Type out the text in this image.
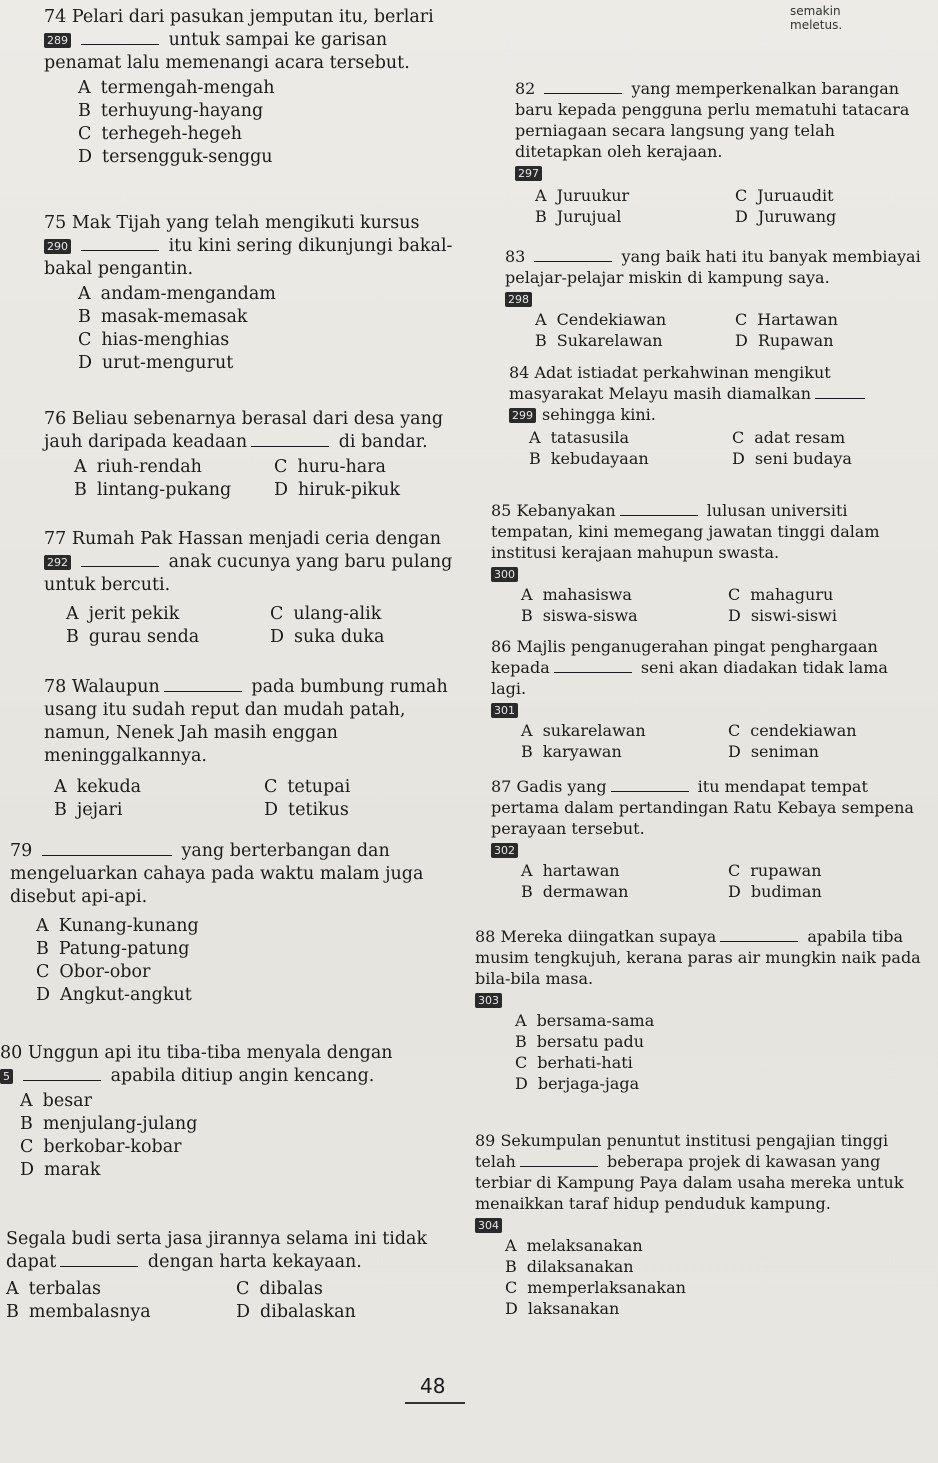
semakin
meletus.
74 Pelari dari pasukan jemputan itu, berlari
289	untuk sampai ke garisan penamat lalu memenangi acara tersebut.
A termengah-mengah
B terhuyung-hayang
C terhegeh-hegeh
D tersengguk-senggu
75 Mak Tijah yang telah mengikuti kursus
290	itu kini sering dikunjungi bakal-bakal pengantin.
A andam-mengandam
B masak-memasak
C hias-menghias
D urut-mengurut
76 Beliau sebenarnya berasal dari desa yang jauh daripada keadaan	di bandar.
A riuh-rendah	C huru-hara
B lintang-pukang	D hiruk-pikuk
77 Rumah Pak Hassan menjadi ceria dengan
292	anak cucunya yang baru pulang untuk bercuti.
A jerit pekik	C ulang-alik
B gurau senda	D suka duka
78 Walaupun	pada bumbung rumah usang itu sudah reput dan mudah patah, namun, Nenek Jah masih enggan meninggalkannya.
A kekuda	C tetupai
B jejari	D tetikus
79	yang berterbangan dan mengeluarkan cahaya pada waktu malam juga disebut api-api.
A Kunang-kunang
B Patung-patung
C Obor-obor
D Angkut-angkut
80 Unggun api itu tiba-tiba menyala dengan
5	apabila ditiup angin kencang.
A besar
B menjulang-julang
C berkobar-kobar
D marak
Segala budi serta jasa jirannya selama ini tidak dapat	dengan harta kekayaan.
A terbalas	C dibalas
B membalasnya	D dibalaskan
82	yang memperkenalkan barangan baru kepada pengguna perlu mematuhi tatacara perniagaan secara langsung yang telah ditetapkan oleh kerajaan.
297
A Juruukur	C Juruaudit
B Jurujual	D Juruwang
83	yang baik hati itu banyak membiayai pelajar-pelajar miskin di kampung saya.
298
A Cendekiawan	C Hartawan
B Sukarelawan	D Rupawan
84 Adat istiadat perkahwinan mengikut masyarakat Melayu masih diamalkan
299 sehingga kini.
A tatasusila	C adat resam
B kebudayaan	D seni budaya
85 Kebanyakan	lulusan universiti tempatan, kini memegang jawatan tinggi dalam institusi kerajaan mahupun swasta.
300
A mahasiswa	C mahaguru
B siswa-siswa	D siswi-siswi
86 Majlis penganugerahan pingat penghargaan kepada	seni akan diadakan tidak lama lagi.
301
A sukarelawan	C cendekiawan
B karyawan	D seniman
87 Gadis yang	itu mendapat tempat pertama dalam pertandingan Ratu Kebaya sempena perayaan tersebut.
302
A hartawan	C rupawan
B dermawan	D budiman
88 Mereka diingatkan supaya	apabila tiba musim tengkujuh, kerana paras air mungkin naik pada bila-bila masa.
303
A bersama-sama
B bersatu padu
C berhati-hati
D berjaga-jaga
89 Sekumpulan penuntut institusi pengajian tinggi telah	beberapa projek di kawasan yang terbiar di Kampung Paya dalam usaha mereka untuk menaikkan taraf hidup penduduk kampung.
304
A melaksanakan
B dilaksanakan
C memperlaksanakan
D laksanakan
48
